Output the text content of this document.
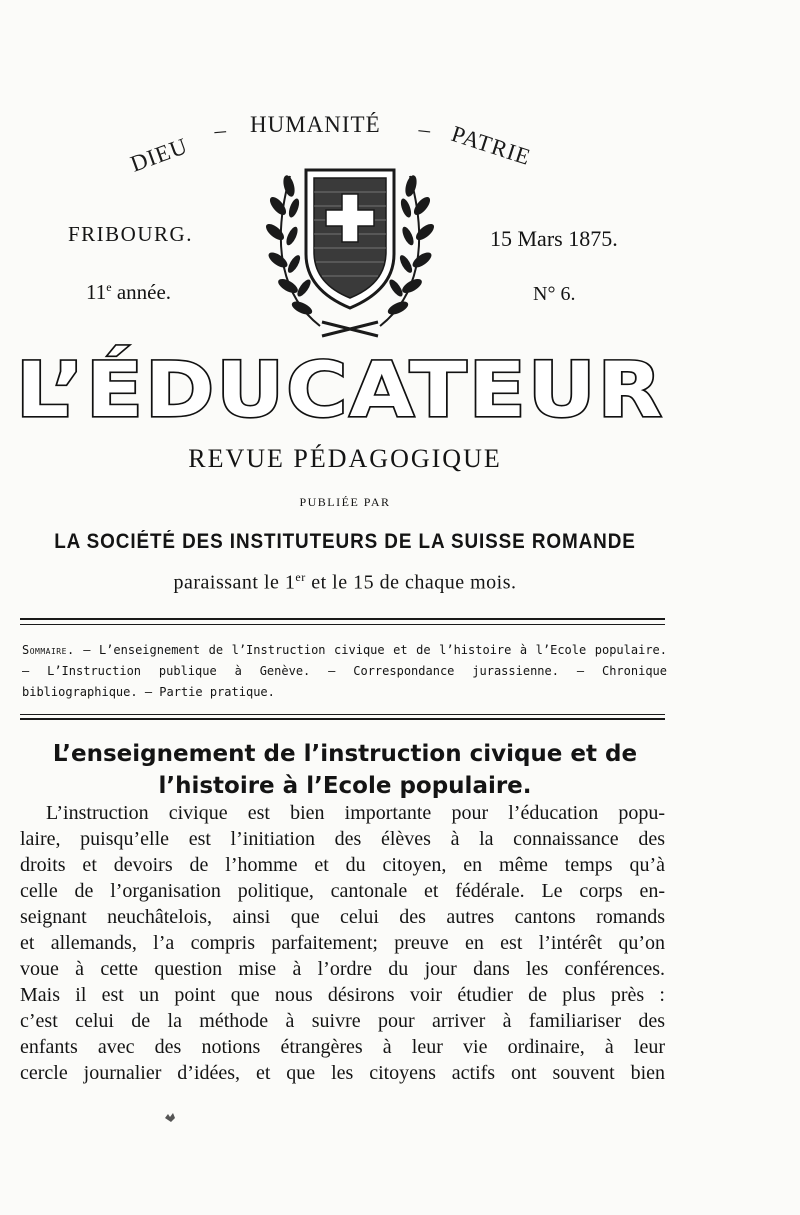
DIEU
– HUMANITÉ – PATRIE
FRIBOURG.	15 Mars 1875.
11e année.	N° 6.
L’ÉDUCATEUR
REVUE PÉDAGOGIQUE
PUBLIÉE PAR
LA SOCIÉTÉ DES INSTITUTEURS DE LA SUISSE ROMANDE
paraissant le 1er et le 15 de chaque mois.
Sommaire. — L’enseignement de l’Instruction civique et de l’histoire à l’Ecole populaire. — L’Instruction publique à Genève. — Correspondance jurassienne. — Chronique bibliographique. — Partie pratique.
L’enseignement de l’instruction civique et de
l’histoire à l’Ecole populaire.
L’instruction civique est bien importante pour l’éducation popu-
laire, puisqu’elle est l’initiation des élèves à la connaissance des
droits et devoirs de l’homme et du citoyen, en même temps qu’à
celle de l’organisation politique, cantonale et fédérale. Le corps en-
seignant neuchâtelois, ainsi que celui des autres cantons romands
et allemands, l’a compris parfaitement; preuve en est l’intérêt qu’on
voue à cette question mise à l’ordre du jour dans les conférences.
Mais il est un point que nous désirons voir étudier de plus près :
c’est celui de la méthode à suivre pour arriver à familiariser des
enfants avec des notions étrangères à leur vie ordinaire, à leur
cercle journalier d’idées, et que les citoyens actifs ont souvent bien
